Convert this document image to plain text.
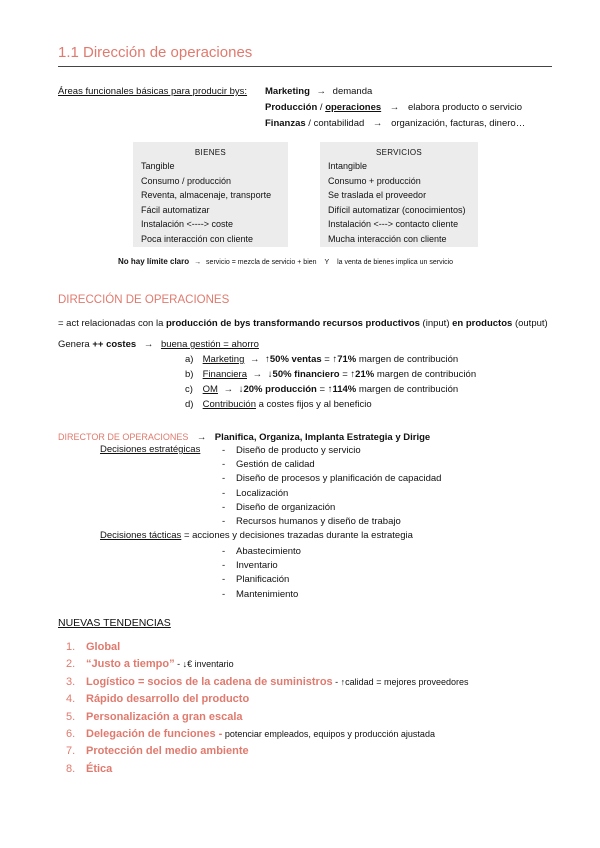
1.1 Dirección de operaciones
Áreas funcionales básicas para producir bys: Marketing → demanda
Producción / operaciones → elabora producto o servicio
Finanzas / contabilidad → organización, facturas, dinero…
BIENES
Tangible
Consumo / producción
Reventa, almacenaje, transporte
Fácil automatizar
Instalación <----> coste
Poca interacción con cliente
SERVICIOS
Intangible
Consumo + producción
Se traslada el proveedor
Difícil automatizar (conocimientos)
Instalación <---> contacto cliente
Mucha interacción con cliente
No hay límite claro → servicio = mezcla de servicio + bien Y la venta de bienes implica un servicio
DIRECCIÓN DE OPERACIONES
= act relacionadas con la producción de bys transformando recursos productivos (input) en productos (output)
Genera ++ costes → buena gestión = ahorro
a) Marketing → ↑50% ventas = ↑71% margen de contribución
b) Financiera → ↓50% financiero = ↑21% margen de contribución
c) OM → ↓20% producción = ↑114% margen de contribución
d) Contribución a costes fijos y al beneficio
DIRECTOR DE OPERACIONES → Planifica, Organiza, Implanta Estrategia y Dirige
Decisiones estratégicas - Diseño de producto y servicio
- Gestión de calidad
- Diseño de procesos y planificación de capacidad
- Localización
- Diseño de organización
- Recursos humanos y diseño de trabajo
Decisiones tácticas = acciones y decisiones trazadas durante la estrategia
- Abastecimiento
- Inventario
- Planificación
- Mantenimiento
NUEVAS TENDENCIAS
1. Global
2. “Justo a tiempo” - ↓€ inventario
3. Logístico = socios de la cadena de suministros - ↑calidad = mejores proveedores
4. Rápido desarrollo del producto
5. Personalización a gran escala
6. Delegación de funciones - potenciar empleados, equipos y producción ajustada
7. Protección del medio ambiente
8. Ética
